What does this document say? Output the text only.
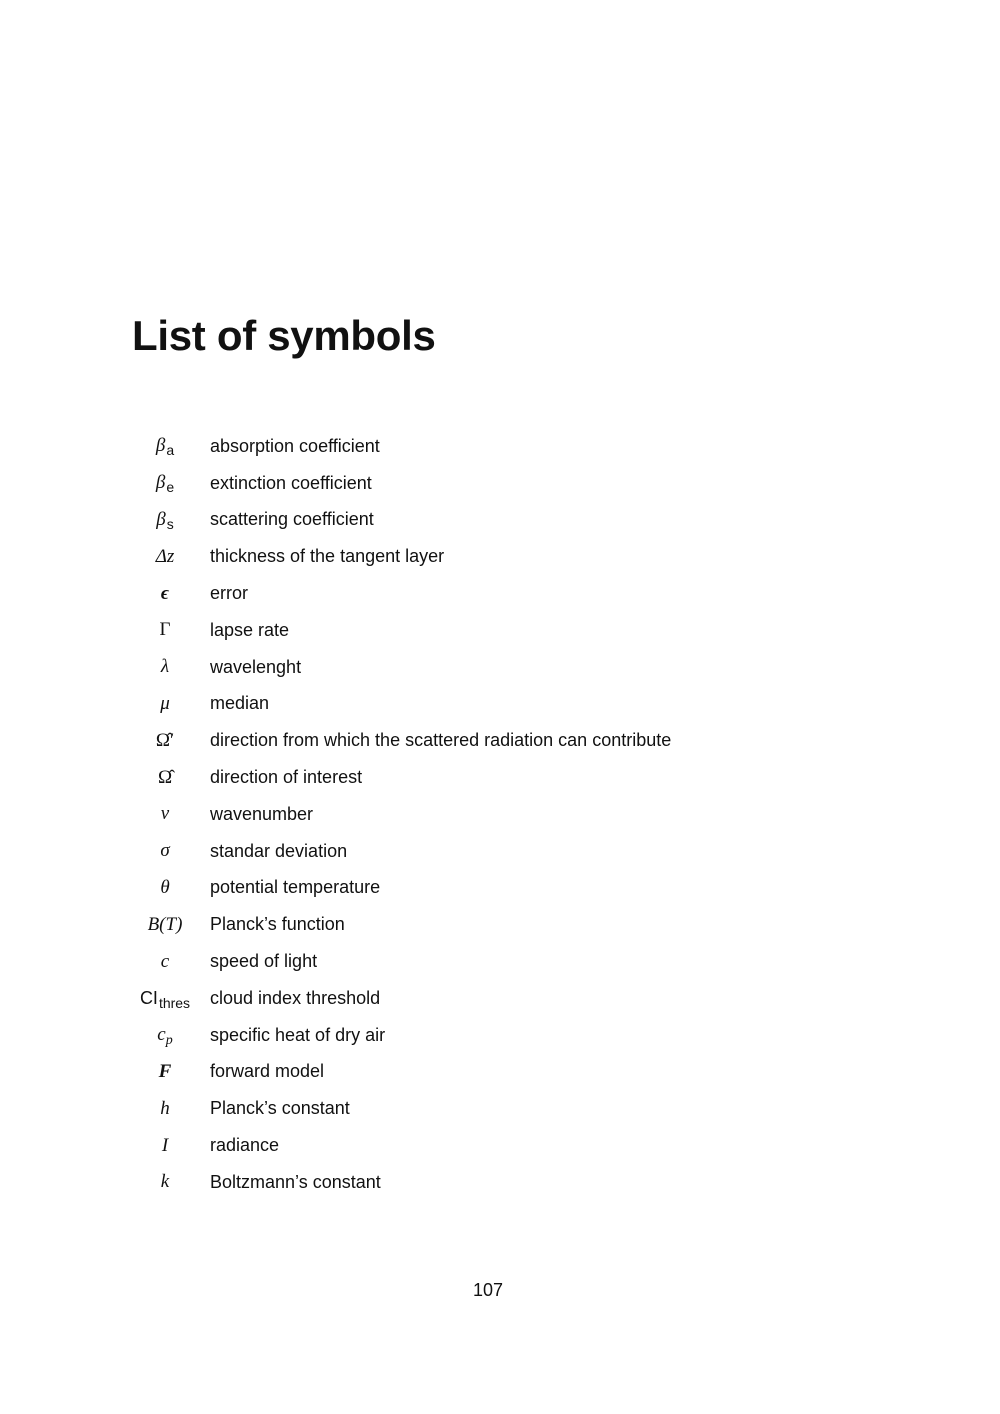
List of symbols
$\beta_a$	absorption coefficient
$\beta_e$	extinction coefficient
$\beta_s$	scattering coefficient
Δz	thickness of the tangent layer
ϵ	error
Γ	lapse rate
λ	wavelenght
μ	median
Ω̂′	direction from which the scattered radiation can contribute
Ω̂	direction of interest
ν	wavenumber
σ	standar deviation
θ	potential temperature
B(T)	Planck’s function
c	speed of light
$CI_{thres}$	cloud index threshold
$c_p$	specific heat of dry air
F	forward model
h	Planck’s constant
I	radiance
k	Boltzmann’s constant
107
